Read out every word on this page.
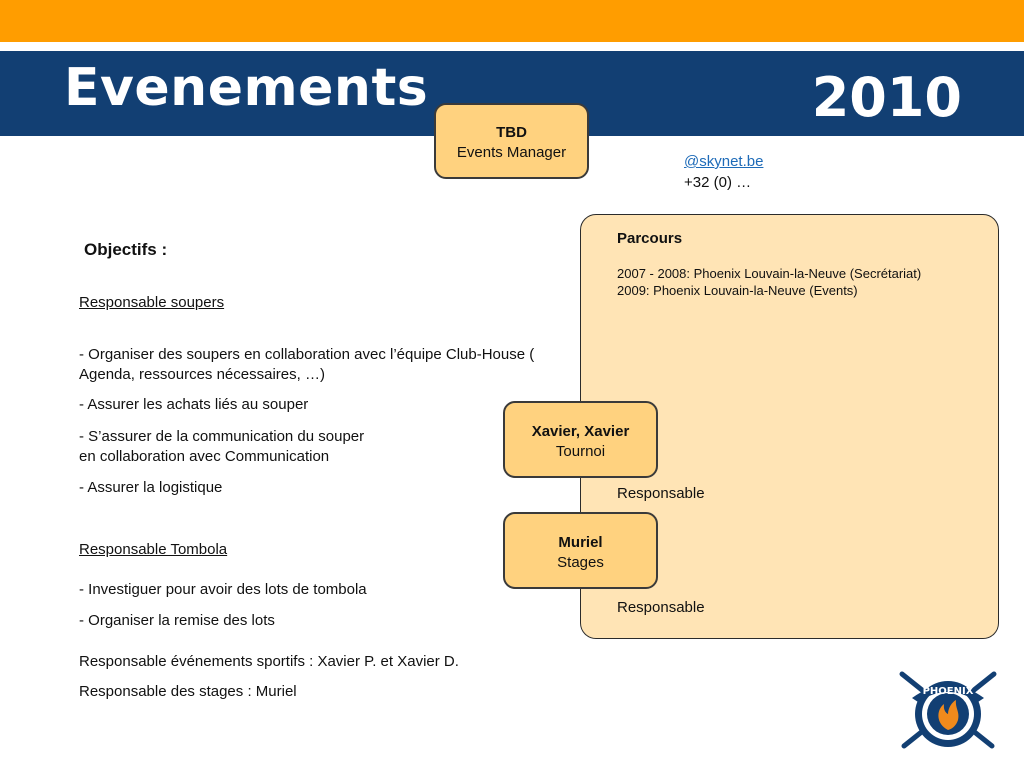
Evenements	2010
TBD
Events Manager
@skynet.be
+32 (0) …
Parcours
2007 - 2008: Phoenix Louvain-la-Neuve (Secrétariat)
2009: Phoenix Louvain-la-Neuve (Events)
Responsable
Responsable
Xavier, Xavier
Tournoi
Muriel
Stages
Objectifs :
Responsable soupers
- Organiser des soupers en collaboration avec l’équipe Club-House ( Agenda, ressources nécessaires, …)
- Assurer les achats liés au souper
- S’assurer de la communication du souper
en collaboration avec Communication
- Assurer la logistique
Responsable Tombola
- Investiguer pour avoir des lots de tombola
- Organiser la remise des lots
Responsable événements sportifs : Xavier P. et Xavier D.
Responsable des stages : Muriel	PHOENIX
